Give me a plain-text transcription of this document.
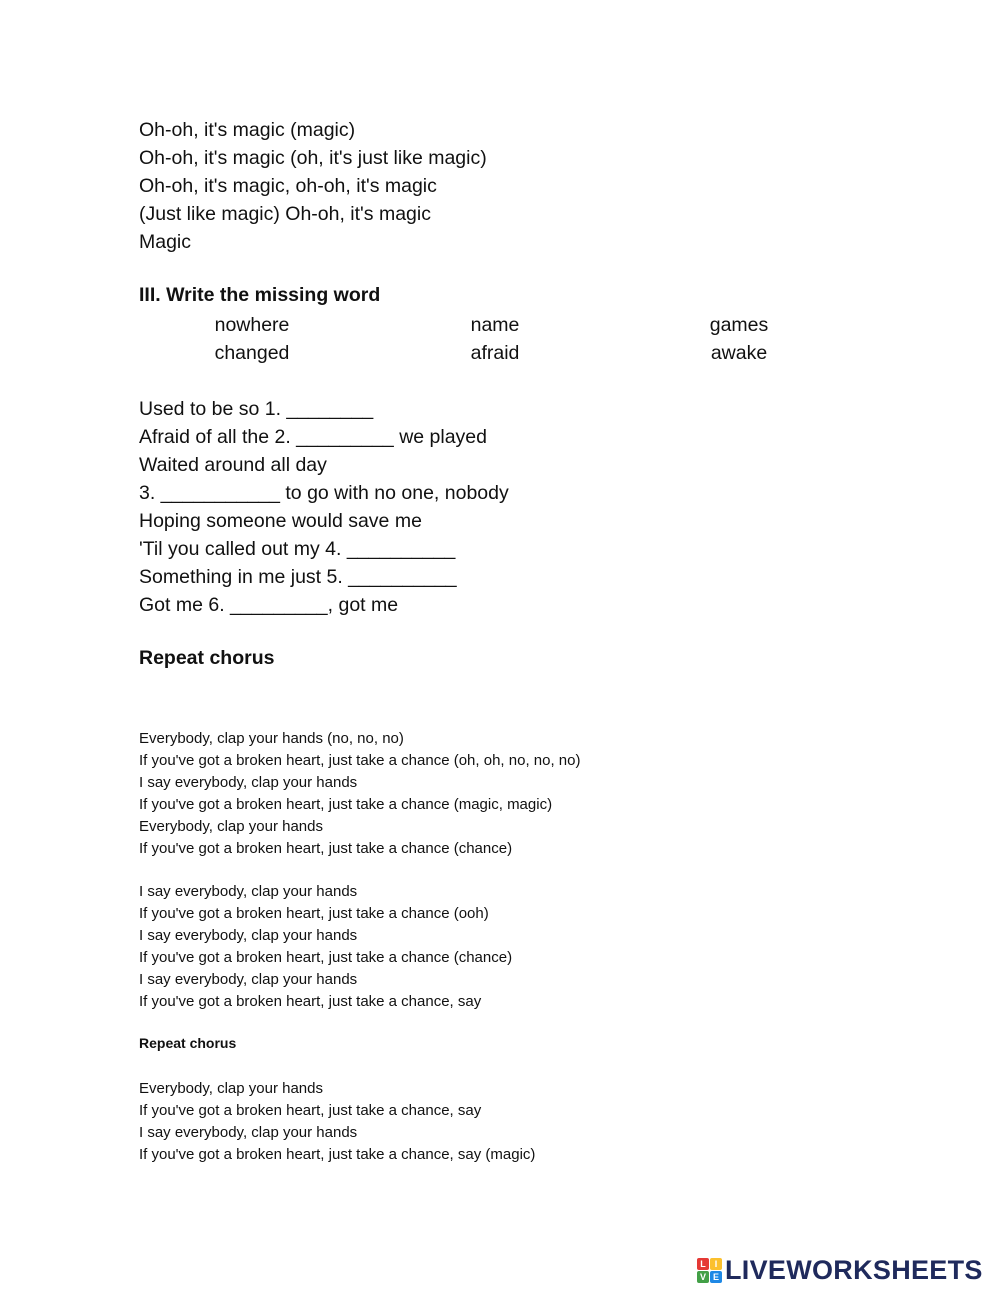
Oh-oh, it's magic (magic)
Oh-oh, it's magic (oh, it's just like magic)
Oh-oh, it's magic, oh-oh, it's magic
(Just like magic) Oh-oh, it's magic
Magic
III. Write the missing word
nowhere	name	games
changed	afraid	awake
Used to be so 1. ________
Afraid of all the 2. _________ we played
Waited around all day
3. ___________ to go with no one, nobody
Hoping someone would save me
'Til you called out my 4. __________
Something in me just 5. __________
Got me 6. _________, got me
Repeat chorus
Everybody, clap your hands (no, no, no)
If you've got a broken heart, just take a chance (oh, oh, no, no, no)
I say everybody, clap your hands
If you've got a broken heart, just take a chance (magic, magic)
Everybody, clap your hands
If you've got a broken heart, just take a chance (chance)
I say everybody, clap your hands
If you've got a broken heart, just take a chance (ooh)
I say everybody, clap your hands
If you've got a broken heart, just take a chance (chance)
I say everybody, clap your hands
If you've got a broken heart, just take a chance, say
Repeat chorus
Everybody, clap your hands
If you've got a broken heart, just take a chance, say
I say everybody, clap your hands
If you've got a broken heart, just take a chance, say (magic)
L I
V E LIVEWORKSHEETS
